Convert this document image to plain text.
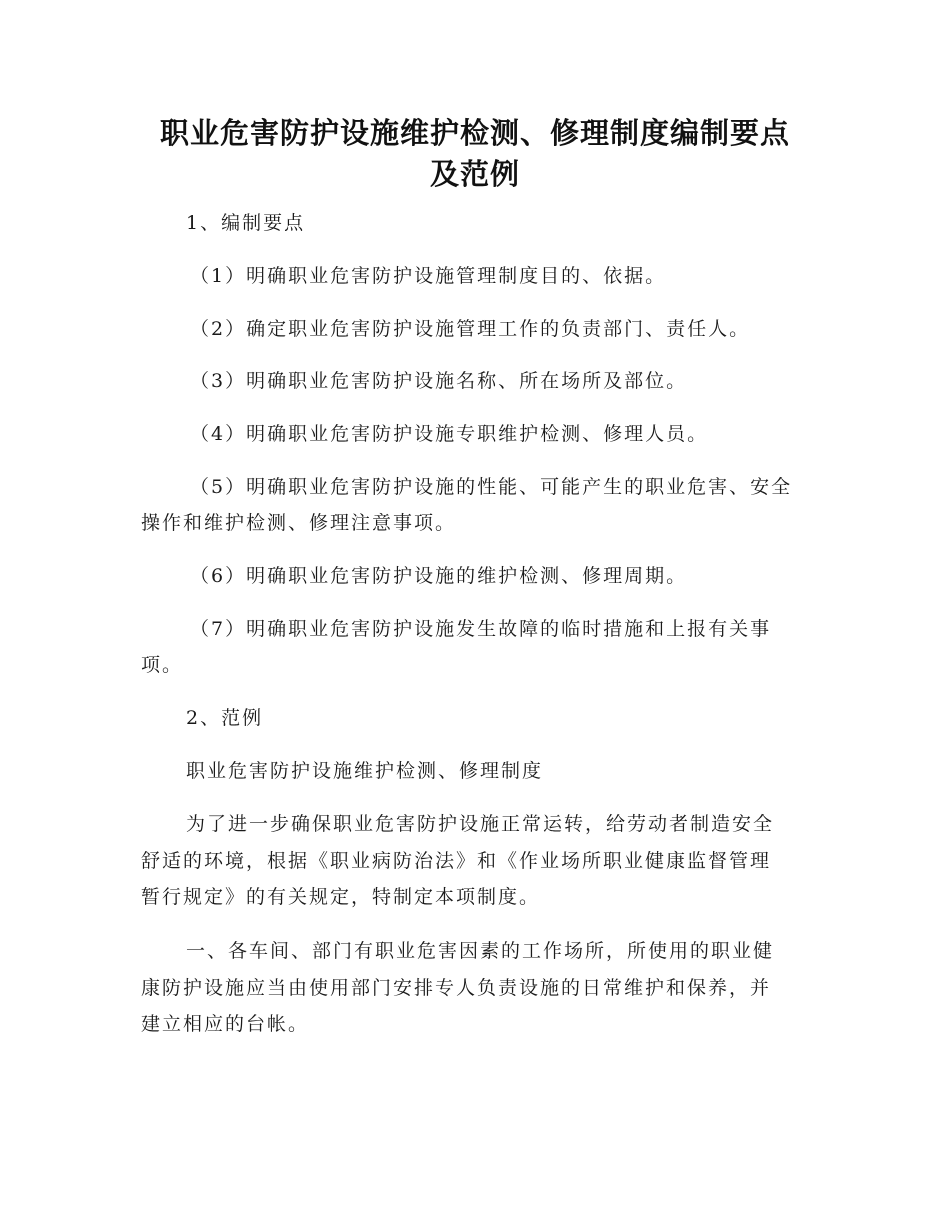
职业危害防护设施维护检测、修理制度编制要点
及范例
1、编制要点
（1）明确职业危害防护设施管理制度目的、依据。
（2）确定职业危害防护设施管理工作的负责部门、责任人。
（3）明确职业危害防护设施名称、所在场所及部位。
（4）明确职业危害防护设施专职维护检测、修理人员。
（5）明确职业危害防护设施的性能、可能产生的职业危害、安全
操作和维护检测、修理注意事项。
（6）明确职业危害防护设施的维护检测、修理周期。
（7）明确职业危害防护设施发生故障的临时措施和上报有关事
项。
2、范例
职业危害防护设施维护检测、修理制度
为了进一步确保职业危害防护设施正常运转，给劳动者制造安全
舒适的环境，根据《职业病防治法》和《作业场所职业健康监督管理
暂行规定》的有关规定，特制定本项制度。
一、各车间、部门有职业危害因素的工作场所，所使用的职业健
康防护设施应当由使用部门安排专人负责设施的日常维护和保养，并
建立相应的台帐。
